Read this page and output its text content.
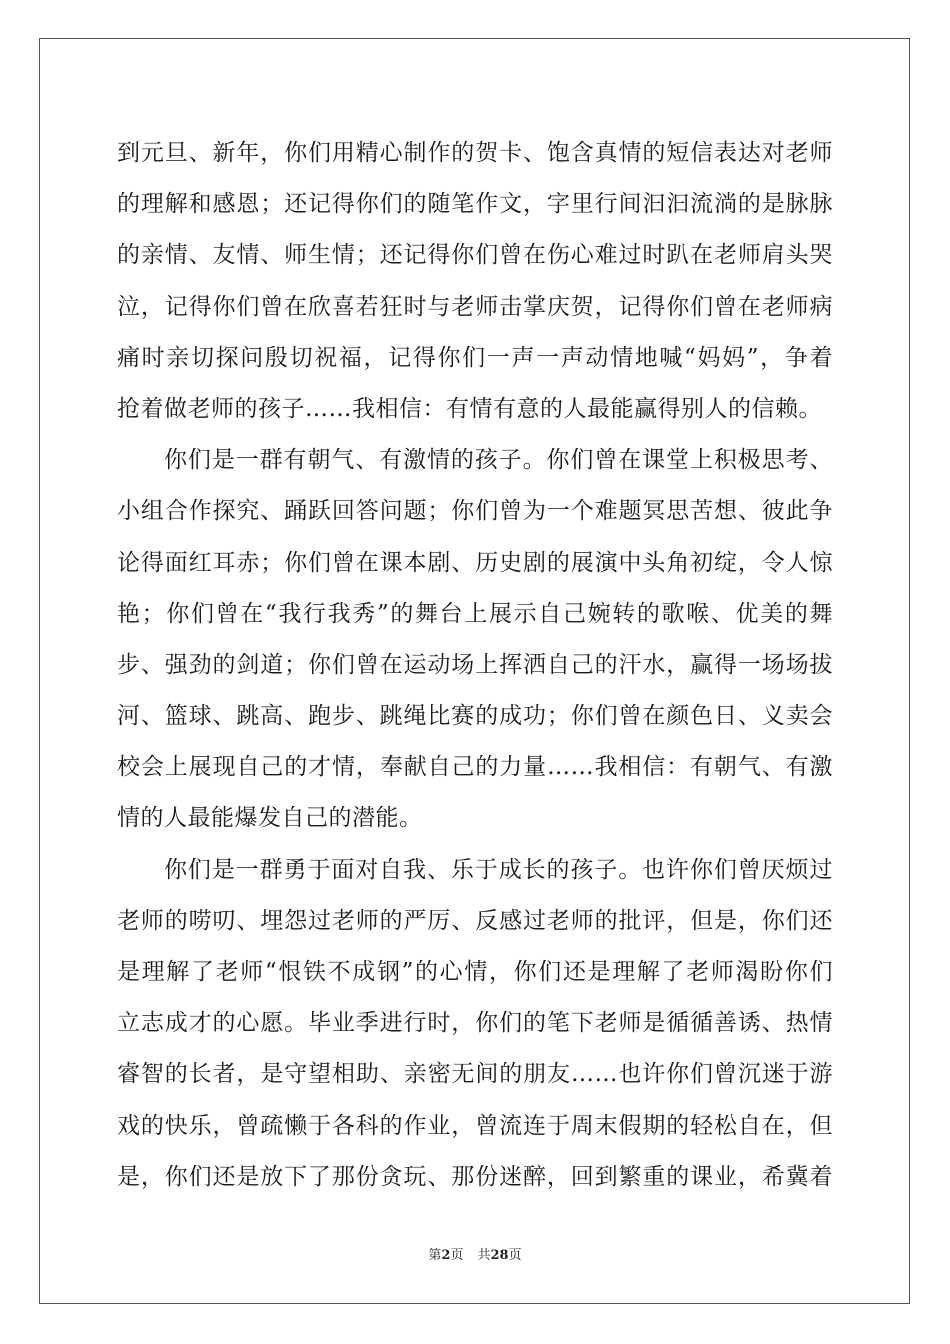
到元旦、新年，你们用精心制作的贺卡、饱含真情的短信表达对老师
的理解和感恩；还记得你们的随笔作文，字里行间汩汩流淌的是脉脉
的亲情、友情、师生情；还记得你们曾在伤心难过时趴在老师肩头哭
泣，记得你们曾在欣喜若狂时与老师击掌庆贺，记得你们曾在老师病
痛时亲切探问殷切祝福，记得你们一声一声动情地喊“妈妈”，争着
抢着做老师的孩子……我相信：有情有意的人最能赢得别人的信赖。
你们是一群有朝气、有激情的孩子。你们曾在课堂上积极思考、
小组合作探究、踊跃回答问题；你们曾为一个难题冥思苦想、彼此争
论得面红耳赤；你们曾在课本剧、历史剧的展演中头角初绽，令人惊
艳；你们曾在“我行我秀”的舞台上展示自己婉转的歌喉、优美的舞
步、强劲的剑道；你们曾在运动场上挥洒自己的汗水，赢得一场场拔
河、篮球、跳高、跑步、跳绳比赛的成功；你们曾在颜色日、义卖会
校会上展现自己的才情，奉献自己的力量……我相信：有朝气、有激
情的人最能爆发自己的潜能。
你们是一群勇于面对自我、乐于成长的孩子。也许你们曾厌烦过
老师的唠叨、埋怨过老师的严厉、反感过老师的批评，但是，你们还
是理解了老师“恨铁不成钢”的心情，你们还是理解了老师渴盼你们
立志成才的心愿。毕业季进行时，你们的笔下老师是循循善诱、热情
睿智的长者，是守望相助、亲密无间的朋友……也许你们曾沉迷于游
戏的快乐，曾疏懒于各科的作业，曾流连于周末假期的轻松自在，但
是，你们还是放下了那份贪玩、那份迷醉，回到繁重的课业，希冀着
第2页 共28页
